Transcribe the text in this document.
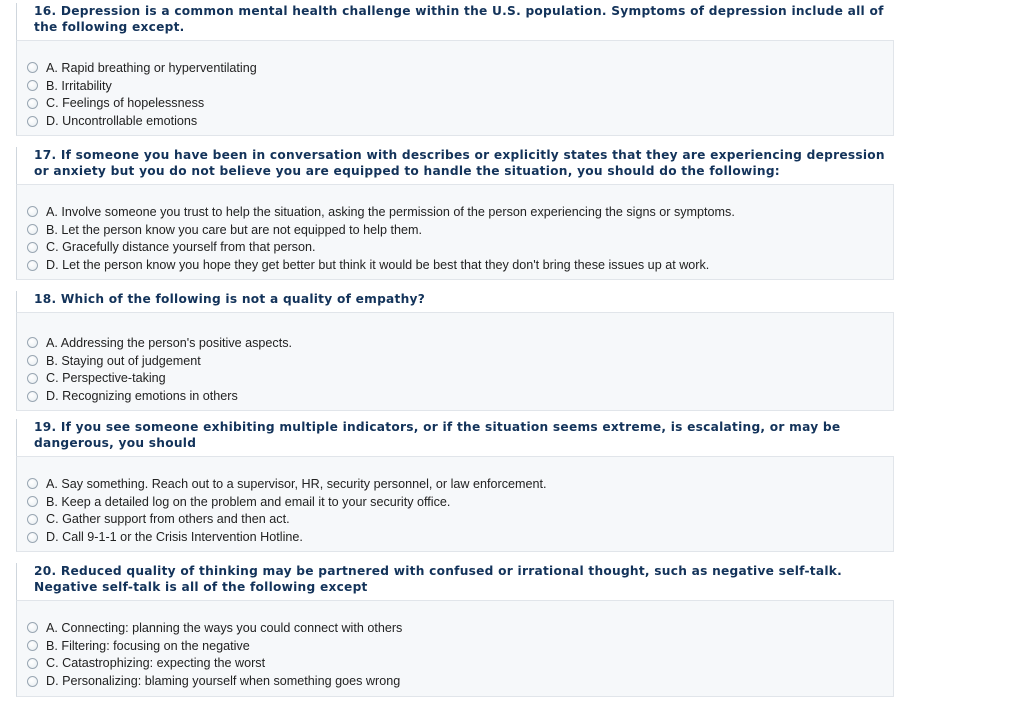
16. Depression is a common mental health challenge within the U.S. population. Symptoms of depression include all of

the following except.

A. Rapid breathing or hyperventilating
B. Irritability
C. Feelings of hopelessness
D. Uncontrollable emotions

17. If someone you have been in conversation with describes or explicitly states that they are experiencing depression

or anxiety but you do not believe you are equipped to handle the situation, you should do the following:

A. Involve someone you trust to help the situation, asking the permission of the person experiencing the signs or symptoms.
B. Let the person know you care but are not equipped to help them.
C. Gracefully distance yourself from that person.
D. Let the person know you hope they get better but think it would be best that they don't bring these issues up at work.

18. Which of the following is not a quality of empathy?

A. Addressing the person's positive aspects.
B. Staying out of judgement
C. Perspective-taking
D. Recognizing emotions in others

19. If you see someone exhibiting multiple indicators, or if the situation seems extreme, is escalating, or may be

dangerous, you should

A. Say something. Reach out to a supervisor, HR, security personnel, or law enforcement.
B. Keep a detailed log on the problem and email it to your security office.
C. Gather support from others and then act.
D. Call 9-1-1 or the Crisis Intervention Hotline.

20. Reduced quality of thinking may be partnered with confused or irrational thought, such as negative self-talk.

Negative self-talk is all of the following except

A. Connecting: planning the ways you could connect with others
B. Filtering: focusing on the negative
C. Catastrophizing: expecting the worst
D. Personalizing: blaming yourself when something goes wrong
